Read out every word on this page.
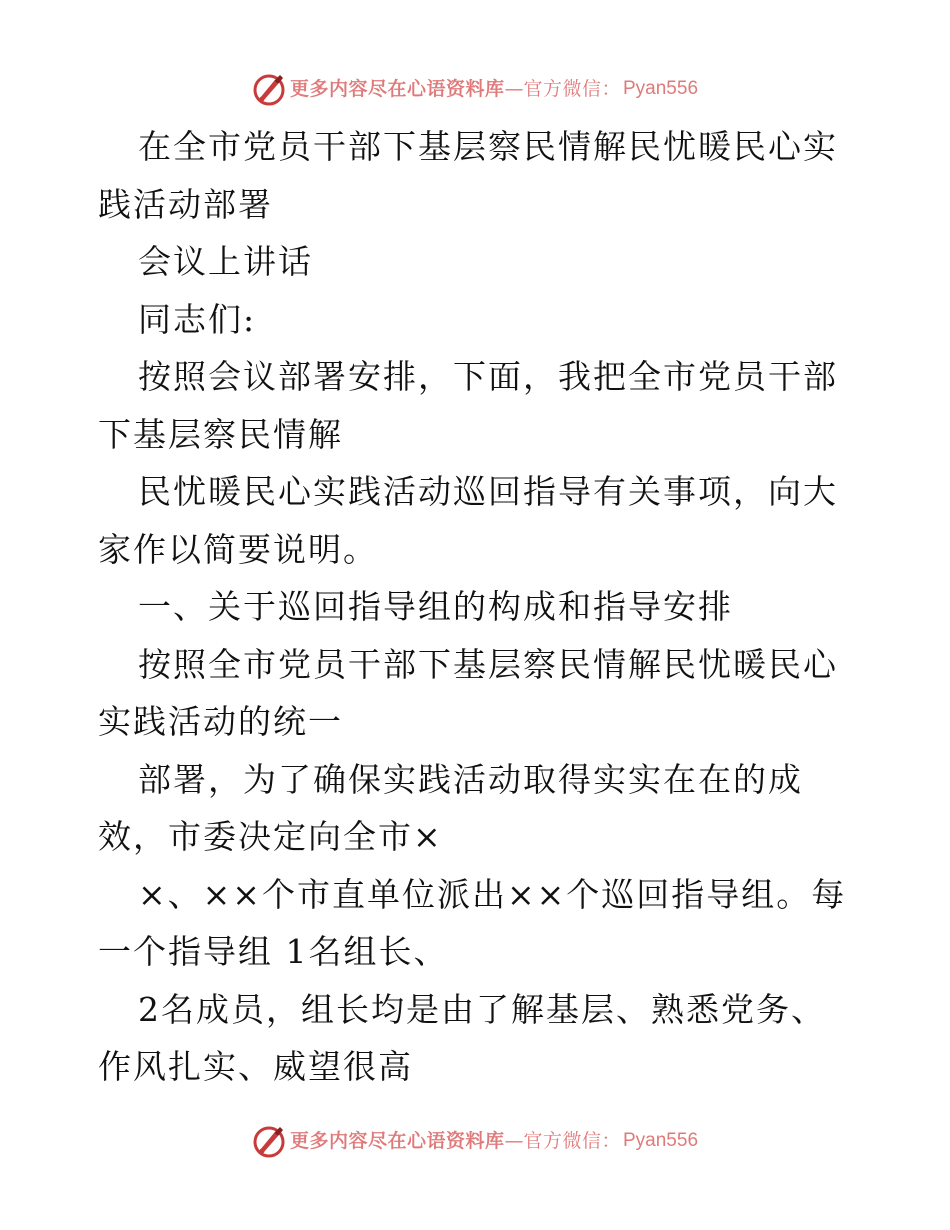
更多内容尽在心语资料库 — 官方微信： Pyan556

在全市党员干部下基层察民情解民忧暖民心实践活动部署

会议上讲话

同志们:

按照会议部署安排，下面，我把全市党员干部下基层察民情解

民忧暖民心实践活动巡回指导有关事项，向大家作以简要说明。

一、关于巡回指导组的构成和指导安排

按照全市党员干部下基层察民情解民忧暖民心实践活动的统一

部署，为了确保实践活动取得实实在在的成效，市委决定向全市×

×、××个市直单位派出××个巡回指导组。每一个指导组 1名组长、

2名成员，组长均是由了解基层、熟悉党务、作风扎实、威望很高

更多内容尽在心语资料库 — 官方微信： Pyan556
